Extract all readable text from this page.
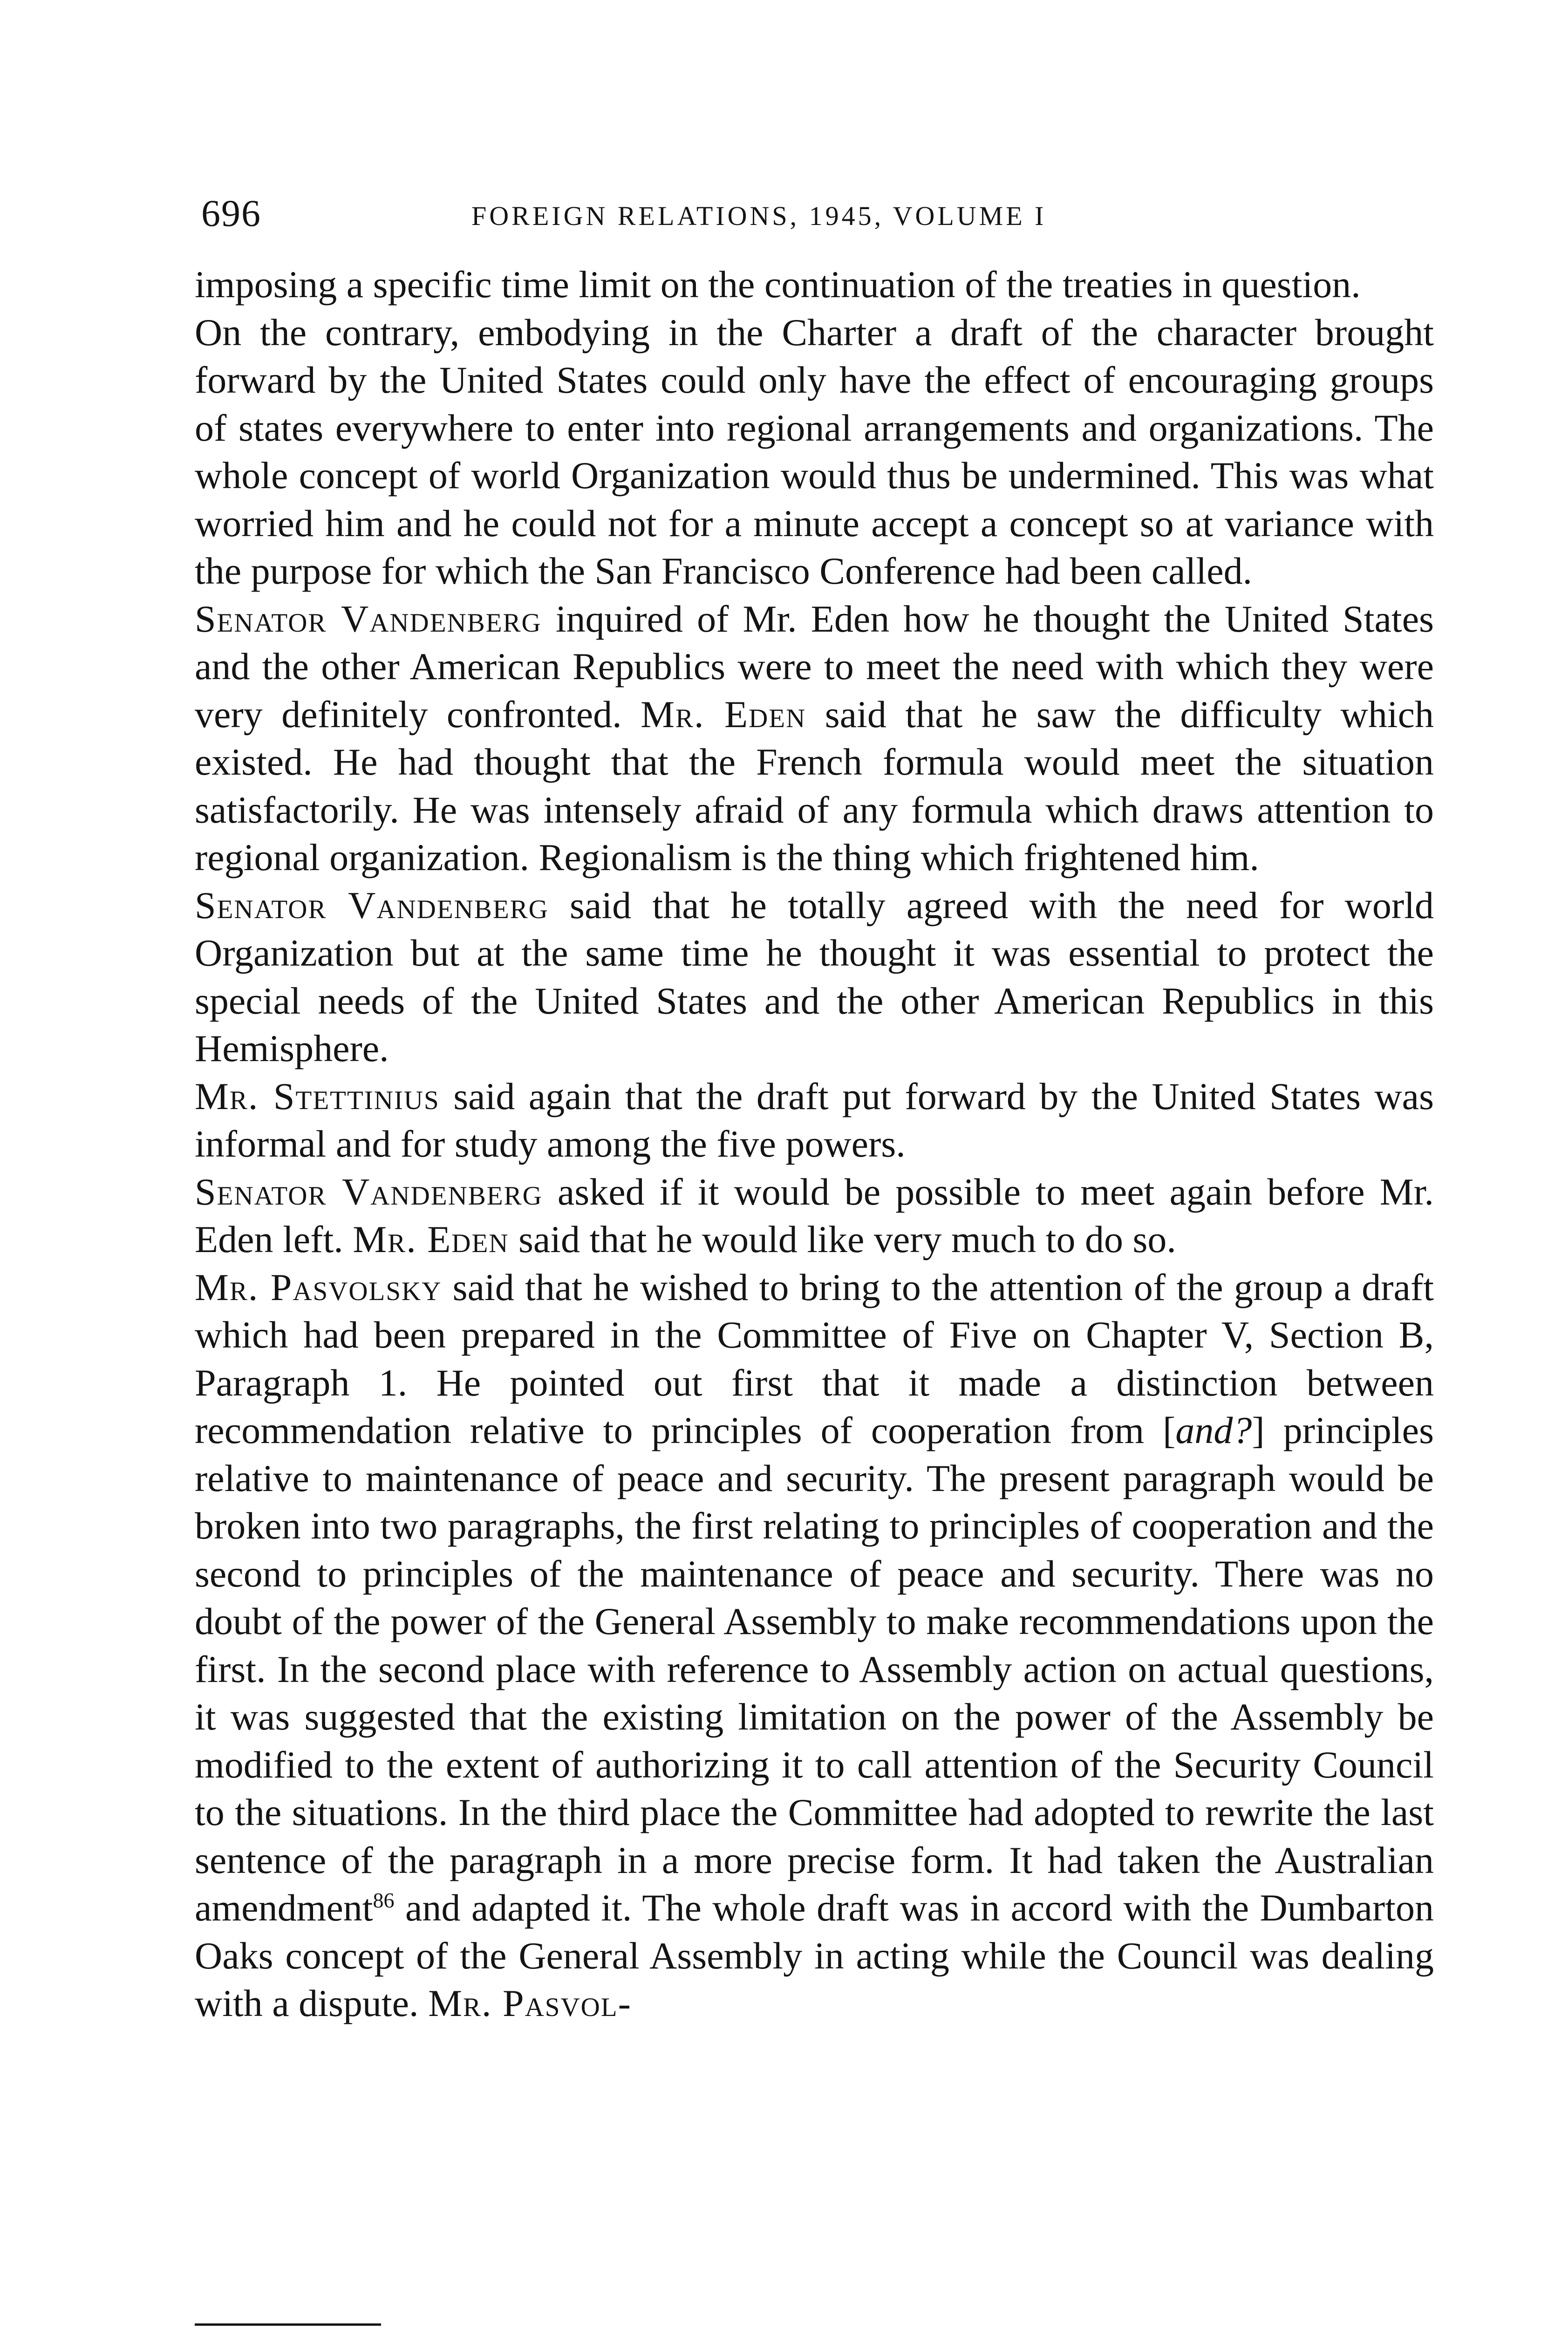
696	FOREIGN RELATIONS, 1945, VOLUME I

imposing a specific time limit on the continuation of the treaties in question.

On the contrary, embodying in the Charter a draft of the character brought forward by the United States could only have the effect of encouraging groups of states everywhere to enter into regional arrangements and organizations. The whole concept of world Organization would thus be undermined. This was what worried him and he could not for a minute accept a concept so at variance with the purpose for which the San Francisco Conference had been called.

Senator Vandenberg inquired of Mr. Eden how he thought the United States and the other American Republics were to meet the need with which they were very definitely confronted. Mr. Eden said that he saw the difficulty which existed. He had thought that the French formula would meet the situation satisfactorily. He was intensely afraid of any formula which draws attention to regional organization. Regionalism is the thing which frightened him.

Senator Vandenberg said that he totally agreed with the need for world Organization but at the same time he thought it was essential to protect the special needs of the United States and the other American Republics in this Hemisphere.

Mr. Stettinius said again that the draft put forward by the United States was informal and for study among the five powers.

Senator Vandenberg asked if it would be possible to meet again before Mr. Eden left. Mr. Eden said that he would like very much to do so.

Mr. Pasvolsky said that he wished to bring to the attention of the group a draft which had been prepared in the Committee of Five on Chapter V, Section B, Paragraph 1. He pointed out first that it made a distinction between recommendation relative to principles of cooperation from [and?] principles relative to maintenance of peace and security. The present paragraph would be broken into two paragraphs, the first relating to principles of cooperation and the second to principles of the maintenance of peace and security. There was no doubt of the power of the General Assembly to make recommendations upon the first. In the second place with reference to Assembly action on actual questions, it was suggested that the existing limitation on the power of the Assembly be modified to the extent of authorizing it to call attention of the Security Council to the situations. In the third place the Committee had adopted to rewrite the last sentence of the paragraph in a more precise form. It had taken the Australian amendment$^{86}$ and adapted it. The whole draft was in accord with the Dumbarton Oaks concept of the General Assembly in acting while the Council was dealing with a dispute. Mr. Pasvol-
